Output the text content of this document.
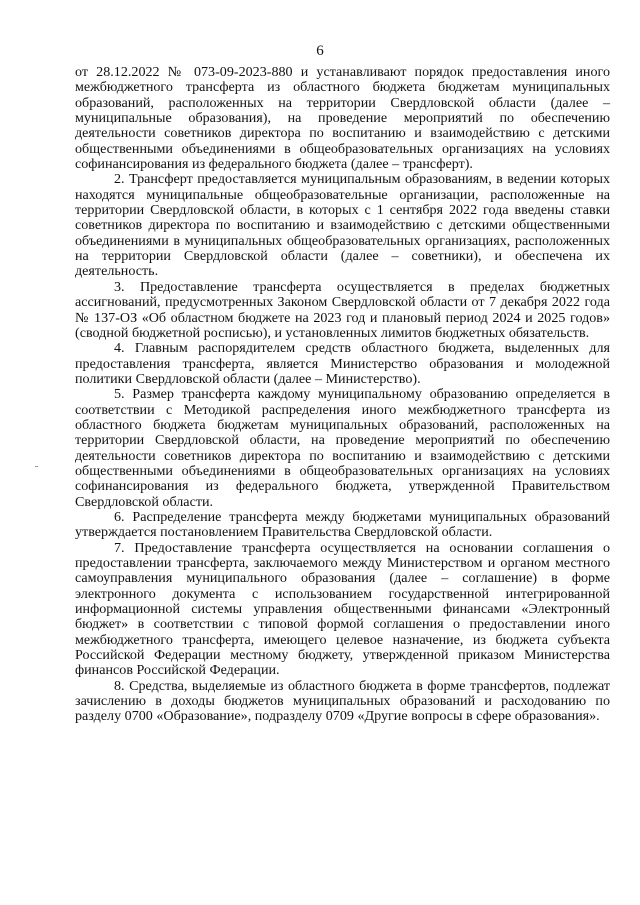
6

от 28.12.2022 № 073-09-2023-880 и устанавливают порядок предоставления иного межбюджетного трансферта из областного бюджета бюджетам муниципальных образований, расположенных на территории Свердловской области (далее – муниципальные образования), на проведение мероприятий по обеспечению деятельности советников директора по воспитанию и взаимодействию с детскими общественными объединениями в общеобразовательных организациях на условиях софинансирования из федерального бюджета (далее – трансферт).

2. Трансферт предоставляется муниципальным образованиям, в ведении которых находятся муниципальные общеобразовательные организации, расположенные на территории Свердловской области, в которых с 1 сентября 2022 года введены ставки советников директора по воспитанию и взаимодействию с детскими общественными объединениями в муниципальных общеобразовательных организациях, расположенных на территории Свердловской области (далее – советники), и обеспечена их деятельность.

3. Предоставление трансферта осуществляется в пределах бюджетных ассигнований, предусмотренных Законом Свердловской области от 7 декабря 2022 года № 137-ОЗ «Об областном бюджете на 2023 год и плановый период 2024 и 2025 годов» (сводной бюджетной росписью), и установленных лимитов бюджетных обязательств.

4. Главным распорядителем средств областного бюджета, выделенных для предоставления трансферта, является Министерство образования и молодежной политики Свердловской области (далее – Министерство).

5. Размер трансферта каждому муниципальному образованию определяется в соответствии с Методикой распределения иного межбюджетного трансферта из областного бюджета бюджетам муниципальных образований, расположенных на территории Свердловской области, на проведение мероприятий по обеспечению деятельности советников директора по воспитанию и взаимодействию с детскими общественными объединениями в общеобразовательных организациях на условиях софинансирования из федерального бюджета, утвержденной Правительством Свердловской области.

6. Распределение трансферта между бюджетами муниципальных образований утверждается постановлением Правительства Свердловской области.

7. Предоставление трансферта осуществляется на основании соглашения о предоставлении трансферта, заключаемого между Министерством и органом местного самоуправления муниципального образования (далее – соглашение) в форме электронного документа с использованием государственной интегрированной информационной системы управления общественными финансами «Электронный бюджет» в соответствии с типовой формой соглашения о предоставлении иного межбюджетного трансферта, имеющего целевое назначение, из бюджета субъекта Российской Федерации местному бюджету, утвержденной приказом Министерства финансов Российской Федерации.

8. Средства, выделяемые из областного бюджета в форме трансфертов, подлежат зачислению в доходы бюджетов муниципальных образований и расходованию по разделу 0700 «Образование», подразделу 0709 «Другие вопросы в сфере образования».
